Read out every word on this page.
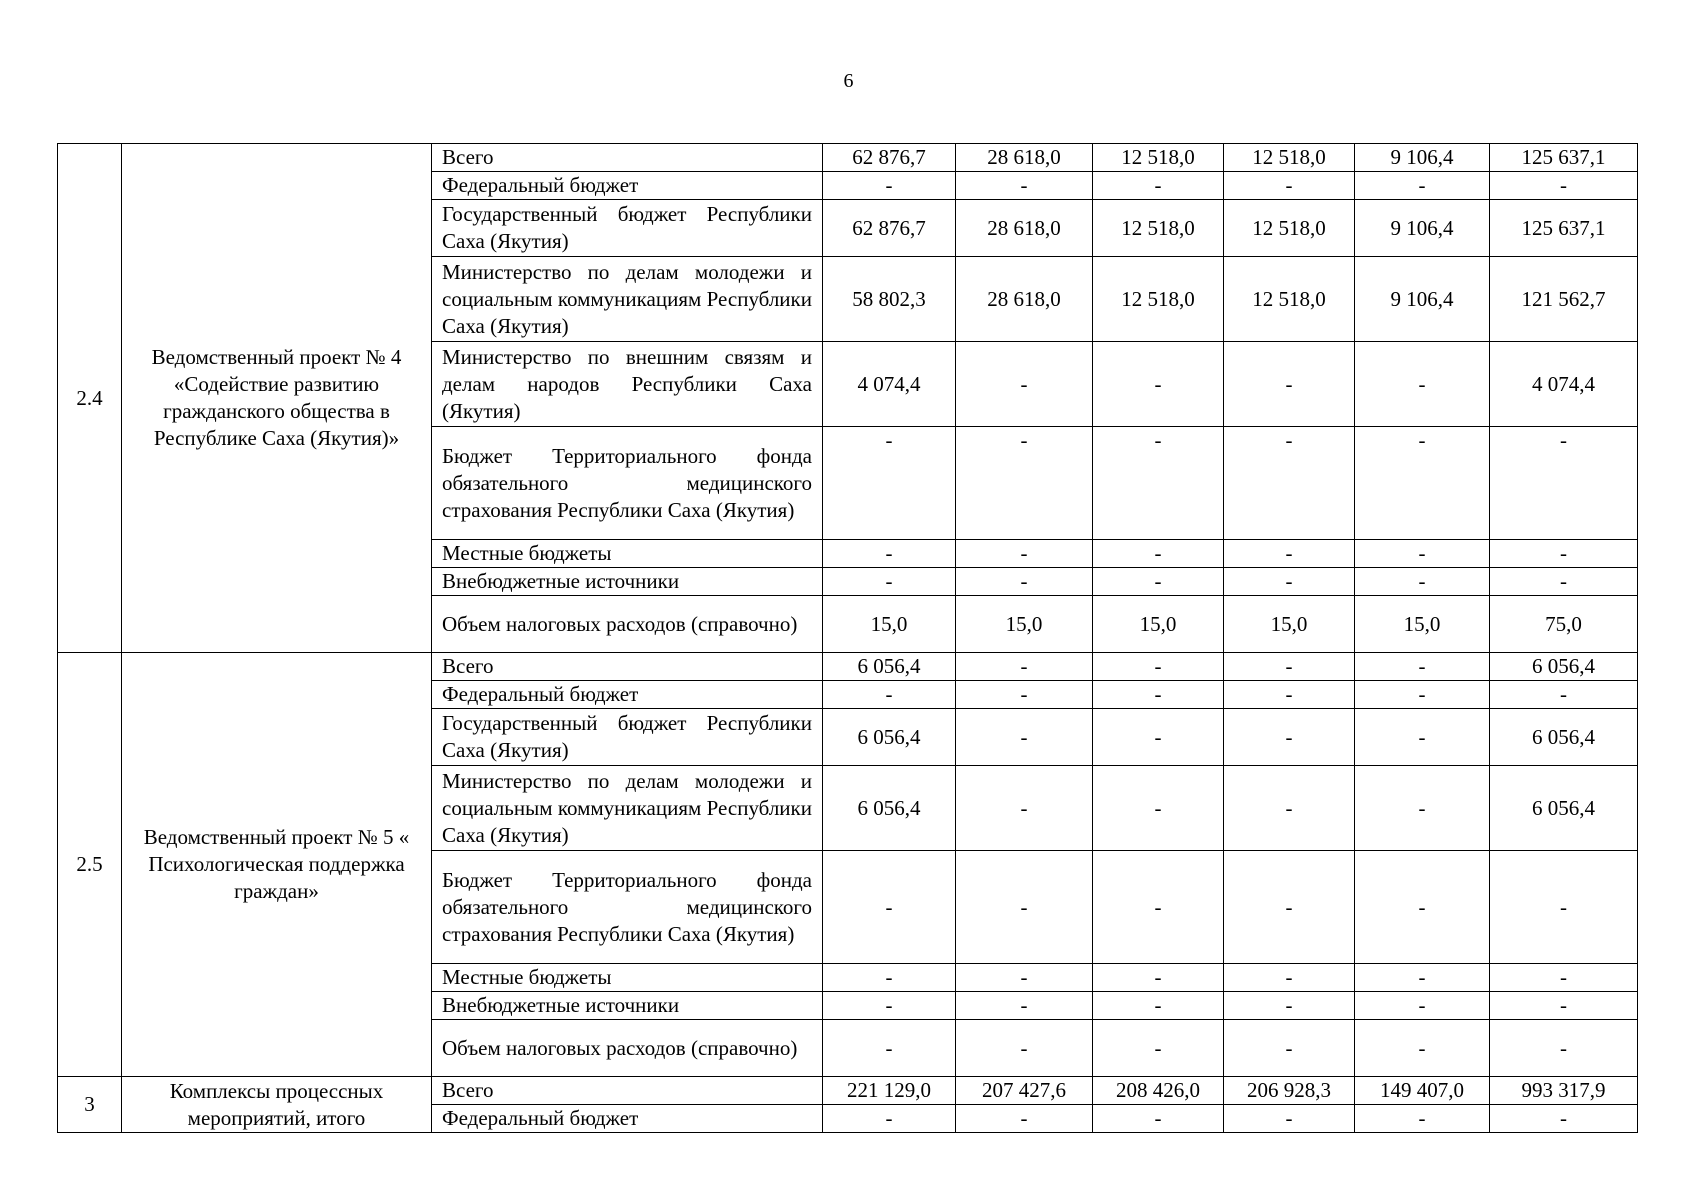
6
2.4	Ведомственный проект № 4 «Содействие развитию гражданского общества в Республике Саха (Якутия)»	Всего	62 876,7	28 618,0	12 518,0	12 518,0	9 106,4	125 637,1
		Федеральный бюджет	-	-	-	-	-	-
		Государственный бюджет Республики Саха (Якутия)	62 876,7	28 618,0	12 518,0	12 518,0	9 106,4	125 637,1
		Министерство по делам молодежи и социальным коммуникациям Республики Саха (Якутия)	58 802,3	28 618,0	12 518,0	12 518,0	9 106,4	121 562,7
		Министерство по внешним связям и делам народов Республики Саха (Якутия)	4 074,4	-	-	-	-	4 074,4
		Бюджет Территориального фонда обязательного медицинского страхования Республики Саха (Якутия)	-	-	-	-	-	-
		Местные бюджеты	-	-	-	-	-	-
		Внебюджетные источники	-	-	-	-	-	-
		Объем налоговых расходов (справочно)	15,0	15,0	15,0	15,0	15,0	75,0
2.5	Ведомственный проект № 5 « Психологическая поддержка граждан»	Всего	6 056,4	-	-	-	-	6 056,4
		Федеральный бюджет	-	-	-	-	-	-
		Государственный бюджет Республики Саха (Якутия)	6 056,4	-	-	-	-	6 056,4
		Министерство по делам молодежи и социальным коммуникациям Республики Саха (Якутия)	6 056,4	-	-	-	-	6 056,4
		Бюджет Территориального фонда обязательного медицинского страхования Республики Саха (Якутия)	-	-	-	-	-	-
		Местные бюджеты	-	-	-	-	-	-
		Внебюджетные источники	-	-	-	-	-	-
		Объем налоговых расходов (справочно)	-	-	-	-	-	-
3	Комплексы процессных мероприятий, итого	Всего	221 129,0	207 427,6	208 426,0	206 928,3	149 407,0	993 317,9
		Федеральный бюджет	-	-	-	-	-	-
